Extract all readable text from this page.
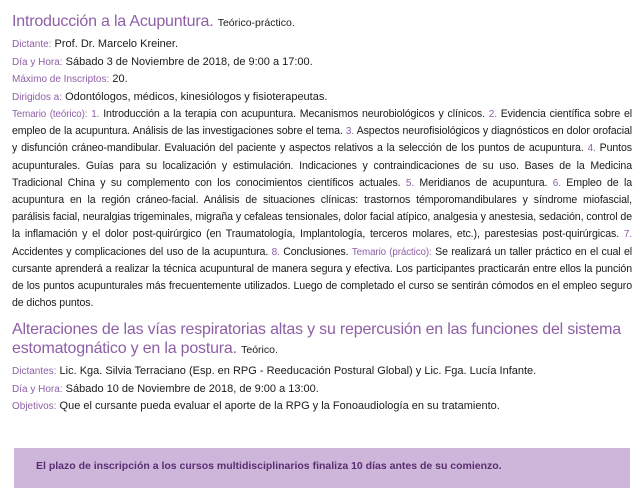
Introducción a la Acupuntura. Teórico-práctico.

Dictante: Prof. Dr. Marcelo Kreiner.

Día y Hora: Sábado 3 de Noviembre de 2018, de 9:00 a 17:00.

Máximo de Inscriptos: 20.

Dirigidos a: Odontólogos, médicos, kinesiólogos y fisioterapeutas.

Temario (teórico): 1. Introducción a la terapia con acupuntura. Mecanismos neurobiológicos y clínicos. 2. Evidencia científica sobre el empleo de la acupuntura. Análisis de las investigaciones sobre el tema. 3. Aspectos neurofisiológicos y diagnósticos en dolor orofacial y disfunción cráneo-mandibular. Evaluación del paciente y aspectos relativos a la selección de los puntos de acupuntura. 4. Puntos acupunturales. Guías para su localización y estimulación. Indicaciones y contraindicaciones de su uso. Bases de la Medicina Tradicional China y su complemento con los conocimientos científicos actuales. 5. Meridianos de acupuntura. 6. Empleo de la acupuntura en la región cráneo-facial. Análisis de situaciones clínicas: trastornos témporomandibulares y síndrome miofascial, parálisis facial, neuralgias trigeminales, migraña y cefaleas tensionales, dolor facial atípico, analgesia y anestesia, sedación, control de la inflamación y el dolor post-quirúrgico (en Traumatología, Implantología, terceros molares, etc.), parestesias post-quirúrgicas. 7. Accidentes y complicaciones del uso de la acupuntura. 8. Conclusiones. Temario (práctico): Se realizará un taller práctico en el cual el cursante aprenderá a realizar la técnica acupuntural de manera segura y efectiva. Los participantes practicarán entre ellos la punción de los puntos acupunturales más frecuentemente utilizados. Luego de completado el curso se sentirán cómodos en el empleo seguro de dichos puntos.

Alteraciones de las vías respiratorias altas y su repercusión en las funciones del sistema estomatognático y en la postura. Teórico.

Dictantes: Lic. Kga. Silvia Terraciano (Esp. en RPG - Reeducación Postural Global) y Lic. Fga. Lucía Infante.

Día y Hora: Sábado 10 de Noviembre de 2018, de 9:00 a 13:00.

Objetivos: Que el cursante pueda evaluar el aporte de la RPG y la Fonoaudiología en su tratamiento.

El plazo de inscripción a los cursos multidisciplinarios finaliza 10 días antes de su comienzo.
